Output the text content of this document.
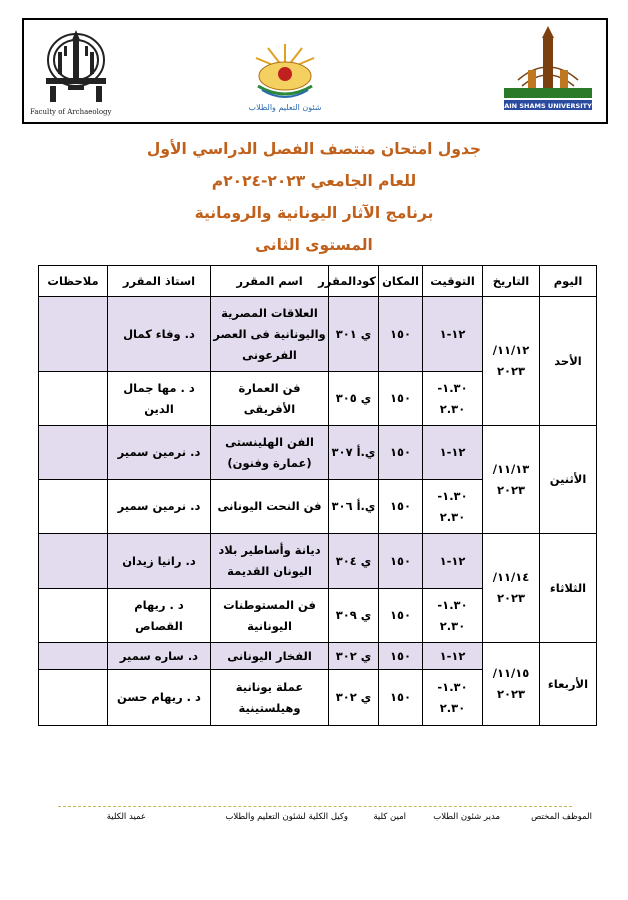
Faculty of Archaeology	شئون التعليم والطلاب	AIN SHAMS UNIVERSITY
جدول امتحان منتصف الفصل الدراسي الأول
للعام الجامعي ٢٠٢٣-٢٠٢٤م
برنامج الآثار اليونانية والرومانية
المستوى الثانى
اليوم	التاريخ	التوقيت	المكان	كودالمقرر	اسم المقرر	استاذ المقرر	ملاحظات
الأحد	١١/١٢/ ٢٠٢٣	١٢-١	١٥٠	ي ٣٠١	العلاقات المصرية واليونانية فى العصر الفرعونى	د. وفاء كمال	
		١.٣٠- ٢.٣٠	١٥٠	ي ٣٠٥	فن العمارة الأفريقى	د . مها جمال الدين	
الأثنين	١١/١٣/ ٢٠٢٣	١٢-١	١٥٠	ي.أ ٣٠٧	الفن الهلينستى (عمارة وفنون)	د. نرمين سمير	
		١.٣٠- ٢.٣٠	١٥٠	ي.أ ٣٠٦	فن النحت اليونانى	د. نرمين سمير	
الثلاثاء	١١/١٤/ ٢٠٢٣	١٢-١	١٥٠	ي ٣٠٤	ديانة وأساطير بلاد اليونان القديمة	د. رانيا زيدان	
		١.٣٠- ٢.٣٠	١٥٠	ي ٣٠٩	فن المستوطنات اليونانية	د . ريهام القصاص	
الأربعاء	١١/١٥/ ٢٠٢٣	١٢-١	١٥٠	ي ٣٠٢	الفخار اليونانى	د. ساره سمير	
		١.٣٠- ٢.٣٠	١٥٠	ي ٣٠٢	عملة يونانية وهيلستينية	د . ريهام حسن	
الموظف المختص
مدير شئون الطلاب
امين كلية
وكيل الكلية لشئون التعليم والطلاب
عميد الكلية
